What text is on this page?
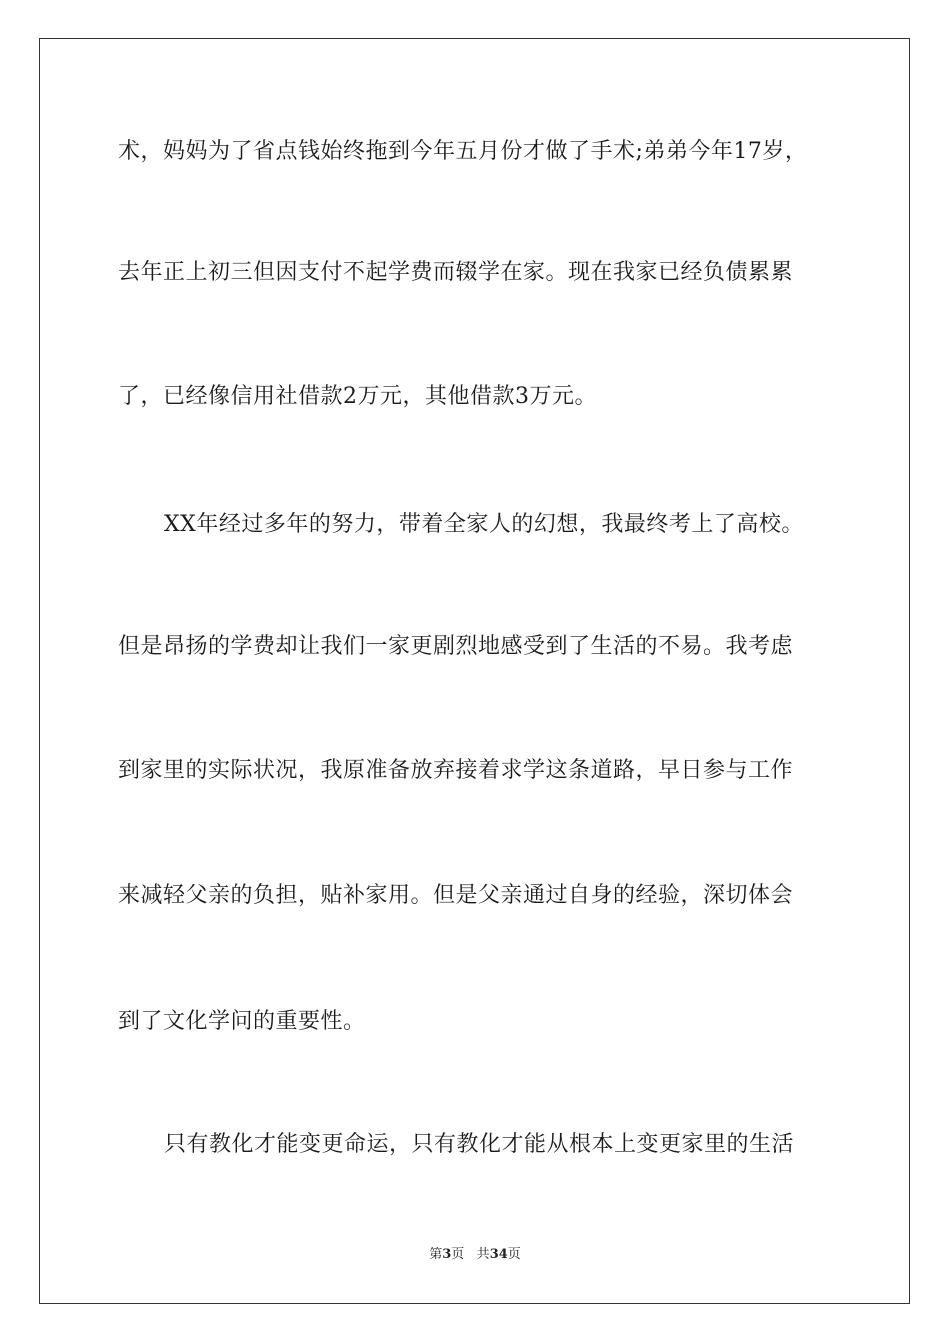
术，妈妈为了省点钱始终拖到今年五月份才做了手术;弟弟今年17岁，
去年正上初三但因支付不起学费而辍学在家。现在我家已经负债累累
了，已经像信用社借款2万元，其他借款3万元。
XX年经过多年的努力，带着全家人的幻想，我最终考上了高校。
但是昂扬的学费却让我们一家更剧烈地感受到了生活的不易。我考虑
到家里的实际状况，我原准备放弃接着求学这条道路，早日参与工作
来减轻父亲的负担，贴补家用。但是父亲通过自身的经验，深切体会
到了文化学问的重要性。
只有教化才能变更命运，只有教化才能从根本上变更家里的生活
第3页 共34页
